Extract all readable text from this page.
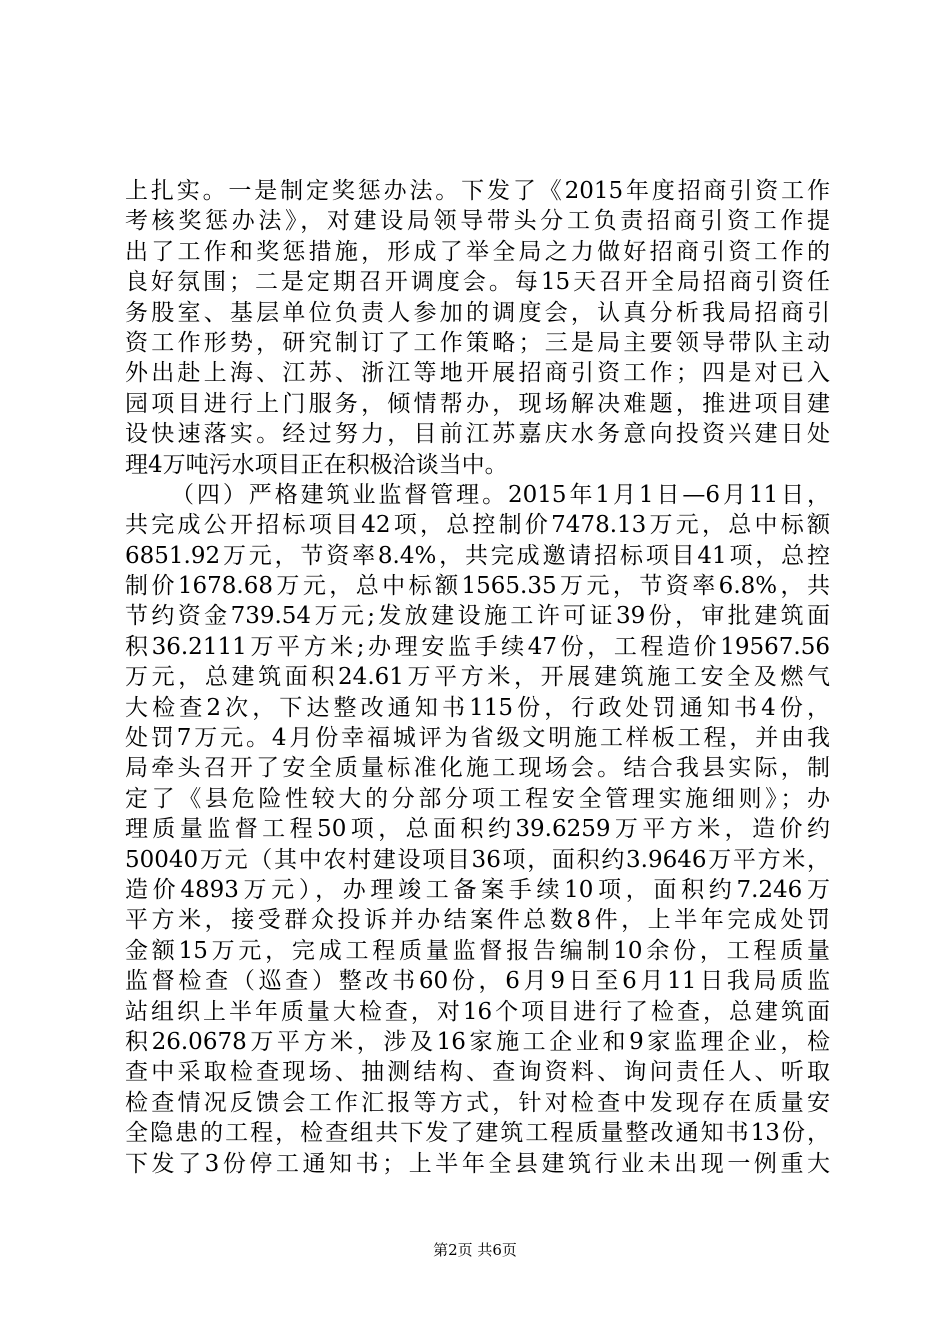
上扎实。一是制定奖惩办法。下发了《2015年度招商引资工作
考核奖惩办法》，对建设局领导带头分工负责招商引资工作提
出了工作和奖惩措施，形成了举全局之力做好招商引资工作的
良好氛围；二是定期召开调度会。每15天召开全局招商引资任
务股室、基层单位负责人参加的调度会，认真分析我局招商引
资工作形势，研究制订了工作策略；三是局主要领导带队主动
外出赴上海、江苏、浙江等地开展招商引资工作；四是对已入
园项目进行上门服务，倾情帮办，现场解决难题，推进项目建
设快速落实。经过努力，目前江苏嘉庆水务意向投资兴建日处
理4万吨污水项目正在积极洽谈当中。
（四）严格建筑业监督管理。2015年1月1日—6月11日，
共完成公开招标项目42项，总控制价7478.13万元，总中标额
6851.92万元，节资率8.4%，共完成邀请招标项目41项，总控
制价1678.68万元，总中标额1565.35万元，节资率6.8%，共
节约资金739.54万元;发放建设施工许可证39份，审批建筑面
积36.2111万平方米;办理安监手续47份，工程造价19567.56
万元，总建筑面积24.61万平方米，开展建筑施工安全及燃气
大检查2次，下达整改通知书115份，行政处罚通知书4份，
处罚7万元。4月份幸福城评为省级文明施工样板工程，并由我
局牵头召开了安全质量标准化施工现场会。结合我县实际，制
定了《县危险性较大的分部分项工程安全管理实施细则》；办
理质量监督工程50项，总面积约39.6259万平方米，造价约
50040万元（其中农村建设项目36项，面积约3.9646万平方米，
造价4893万元），办理竣工备案手续10项，面积约7.246万
平方米，接受群众投诉并办结案件总数8件，上半年完成处罚
金额15万元，完成工程质量监督报告编制10余份，工程质量
监督检查（巡查）整改书60份，6月9日至6月11日我局质监
站组织上半年质量大检查，对16个项目进行了检查，总建筑面
积26.0678万平方米，涉及16家施工企业和9家监理企业，检
查中采取检查现场、抽测结构、查询资料、询问责任人、听取
检查情况反馈会工作汇报等方式，针对检查中发现存在质量安
全隐患的工程，检查组共下发了建筑工程质量整改通知书13份，
下发了3份停工通知书；上半年全县建筑行业未出现一例重大
第2页 共6页
